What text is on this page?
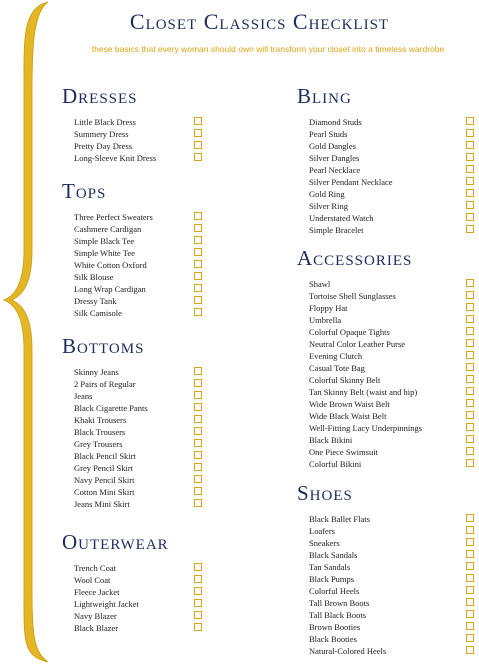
Closet Classics Checklist

these basics that every woman should own will transform your closet into a timeless wardrobe

Dresses
Little Black Dress
Summery Dress
Pretty Day Dress
Long-Sleeve Knit Dress
Tops
Three Perfect Sweaters
Cashmere Cardigan
Simple Black Tee
Simple White Tee
White Cotton Oxford
Silk Blouse
Long Wrap Cardigan
Dressy Tank
Silk Camisole
Bottoms
Skinny Jeans
2 Pairs of Regular
Jeans
Black Cigarette Pants
Khaki Trousers
Black Trousers
Grey Trousers
Black Pencil Skirt
Grey Pencil Skirt
Navy Pencil Skirt
Cotton Mini Skirt
Jeans Mini Skirt
Outerwear
Trench Coat
Wool Coat
Fleece Jacket
Lightweight Jacket
Navy Blazer
Black Blazer
Bling
Diamond Studs
Pearl Studs
Gold Dangles
Silver Dangles
Pearl Necklace
Silver Pendant Necklace
Gold Ring
Silver Ring
Understated Watch
Simple Bracelet
Accessories
Shawl
Tortoise Shell Sunglasses
Floppy Hat
Umbrella
Colorful Opaque Tights
Neutral Color Leather Purse
Evening Clutch
Casual Tote Bag
Colorful Skinny Belt
Tan Skinny Belt (waist and hip)
Wide Brown Waist Belt
Wide Black Waist Belt
Well-Fitting Lacy Underpinnings
Black Bikini
One Piece Swimsuit
Colorful Bikini
Shoes
Black Ballet Flats
Loafers
Sneakers
Black Sandals
Tan Sandals
Black Pumps
Colorful Heels
Tall Brown Boots
Tall Black Boots
Brown Booties
Black Booties
Natural-Colored Heels
